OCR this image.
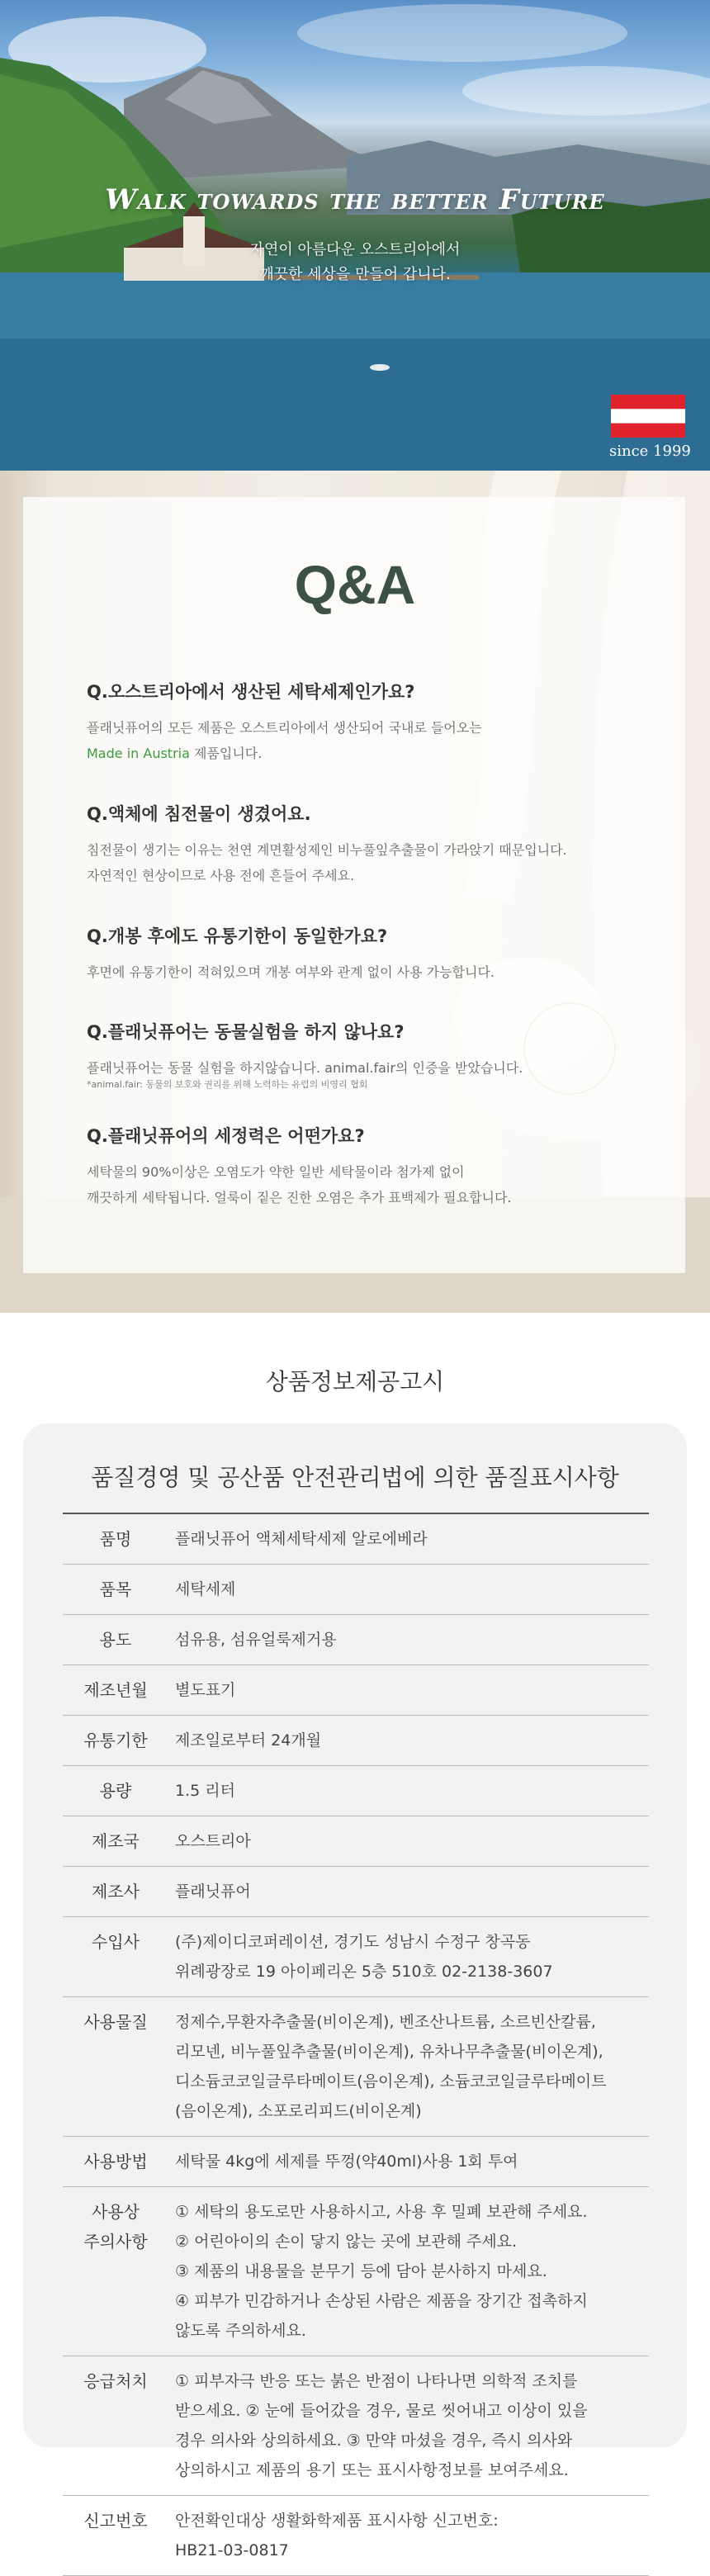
Walk towards the better Future
자연이 아름다운 오스트리아에서
깨끗한 세상을 만들어 갑니다.
since 1999
Q&A
Q.오스트리아에서 생산된 세탁세제인가요?
플래닛퓨어의 모든 제품은 오스트리아에서 생산되어 국내로 들어오는
Made in Austria 제품입니다.
Q.액체에 침전물이 생겼어요.
침전물이 생기는 이유는 천연 계면활성제인 비누풀잎추출물이 가라앉기 때문입니다.
자연적인 현상이므로 사용 전에 흔들어 주세요.
Q.개봉 후에도 유통기한이 동일한가요?
후면에 유통기한이 적혀있으며 개봉 여부와 관계 없이 사용 가능합니다.
Q.플래닛퓨어는 동물실험을 하지 않나요?
플래닛퓨어는 동물 실험을 하지않습니다. animal.fair의 인증을 받았습니다.
*animal.fair: 동물의 보호와 권리를 위해 노력하는 유럽의 비영리 협회
Q.플래닛퓨어의 세정력은 어떤가요?
세탁물의 90%이상은 오염도가 약한 일반 세탁물이라 첨가제 없이
깨끗하게 세탁됩니다. 얼룩이 짙은 진한 오염은 추가 표백제가 필요합니다.
상품정보제공고시
품질경영 및 공산품 안전관리법에 의한 품질표시사항
품명	플래닛퓨어 액체세탁세제 알로에베라
품목	세탁세제
용도	섬유용, 섬유얼룩제거용
제조년월	별도표기
유통기한	제조일로부터 24개월
용량	1.5 리터
제조국	오스트리아
제조사	플래닛퓨어
수입사	(주)제이디코퍼레이션, 경기도 성남시 수정구 창곡동
위례광장로 19 아이페리온 5층 510호 02-2138-3607
사용물질	정제수,무환자추출물(비이온계), 벤조산나트륨, 소르빈산칼륨,
리모넨, 비누풀잎추출물(비이온계), 유차나무추출물(비이온계),
디소듐코코일글루타메이트(음이온계), 소듐코코일글루타메이트
(음이온계), 소포로리피드(비이온계)
사용방법	세탁물 4kg에 세제를 뚜껑(약40ml)사용 1회 투여
사용상
주의사항	① 세탁의 용도로만 사용하시고, 사용 후 밀폐 보관해 주세요.
② 어린아이의 손이 닿지 않는 곳에 보관해 주세요.
③ 제품의 내용물을 분무기 등에 담아 분사하지 마세요.
④ 피부가 민감하거나 손상된 사람은 제품을 장기간 접촉하지
않도록 주의하세요.
응급처치	① 피부자극 반응 또는 붉은 반점이 나타나면 의학적 조치를
받으세요. ② 눈에 들어갔을 경우, 물로 씻어내고 이상이 있을
경우 의사와 상의하세요. ③ 만약 마셨을 경우, 즉시 의사와
상의하시고 제품의 용기 또는 표시사항정보를 보여주세요.
신고번호	안전확인대상 생활화학제품 표시사항 신고번호:
HB21-03-0817
